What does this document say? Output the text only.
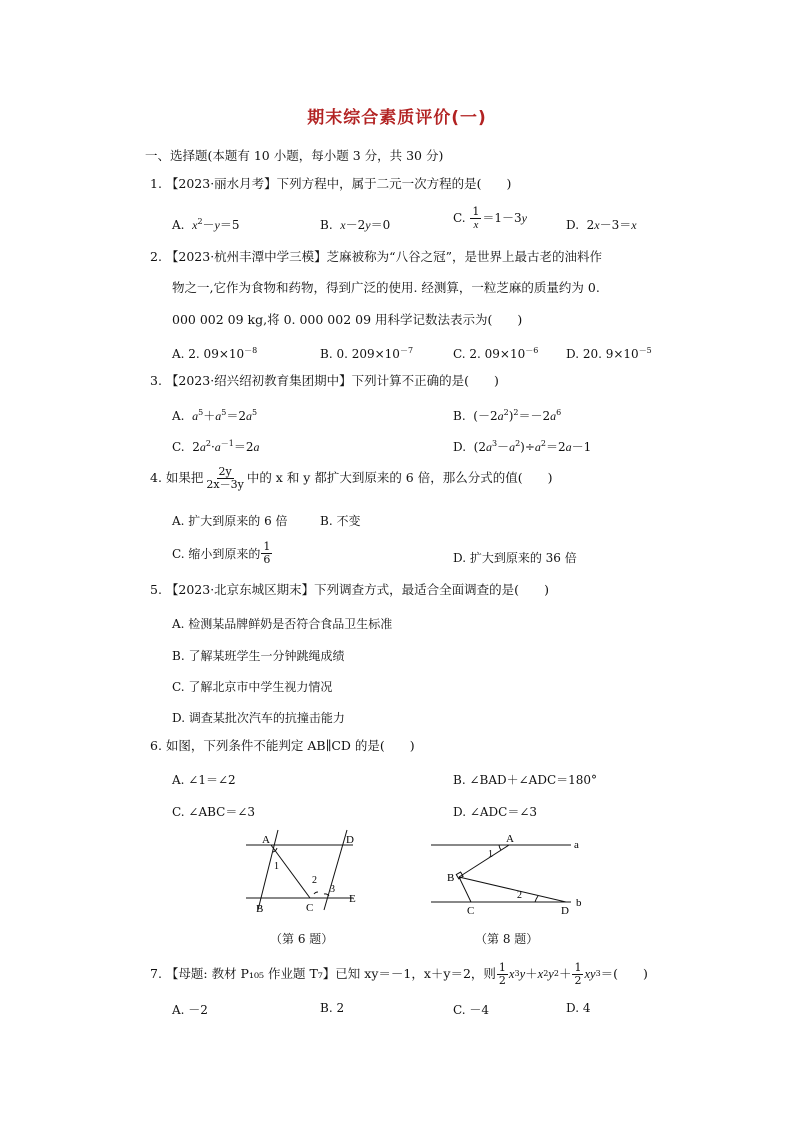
期末综合素质评价(一)
一、选择题(本题有 10 小题，每小题 3 分，共 30 分)
1. 【2023·丽水月考】下列方程中，属于二元一次方程的是(　　)
A.  $x^2-y=5$	B.  x－2y＝0	C. $\frac{1}{x} =1-3y$	D.  2x－3＝x
2. 【2023·杭州丰潭中学三模】芝麻被称为“八谷之冠”，是世界上最古老的油料作
物之一,它作为食物和药物，得到广泛的使用. 经测算，一粒芝麻的质量约为 0.
000 002 09 kg,将 0. 000 002 09 用科学记数法表示为(　　)
A. 2. $09\times 10^{-8}$	B. 0. $209\times 10^{-7}$	C. 2. $09\times 10^{-6}$ D. 20. $9\times 10^{-5}$
3. 【2023·绍兴绍初教育集团期中】下列计算不正确的是(　　)
A.  $a^5+a^5=2a^5$	B.  $(-2a^2)^2=-2a^6$
C.  $2a^2\cdot a^{-1}=2a$	D.  $(2a^3-a^2)\div a^2=2a-1$
4. 如果把 $\frac{2y}{2x-3y}$ 中的 x 和 y 都扩大到原来的 6 倍，那么分式的值(　　)
A. 扩大到原来的 6 倍	B. 不变
C. 缩小到原来的 $\frac{1}{6}$	D. 扩大到原来的 36 倍
5. 【2023·北京东城区期末】下列调查方式，最适合全面调查的是(　　)
A. 检测某品牌鲜奶是否符合食品卫生标准
B. 了解某班学生一分钟跳绳成绩
C. 了解北京市中学生视力情况
D. 调查某批次汽车的抗撞击能力
6. 如图，下列条件不能判定 AB∥CD 的是(　　)
A. ∠1＝∠2	B. ∠BAD＋∠ADC＝180°
C. ∠ABC＝∠3	D. ∠ADC＝∠3
A	D
1
2
3
B	C
E
（第 6 题）
A	a
1
B
2
C	D
b
（第 8 题）
7. 【母题: 教材 P₁₀₅ 作业题 T₇】已知 xy＝－1，x＋y＝2，则 $\frac{1}{2}$ x 3 y ＋ x 2 y $2 + \frac{1}{2}$ xy 3 ＝(　　)
A. －2	B. 2	C. －4	D. 4
